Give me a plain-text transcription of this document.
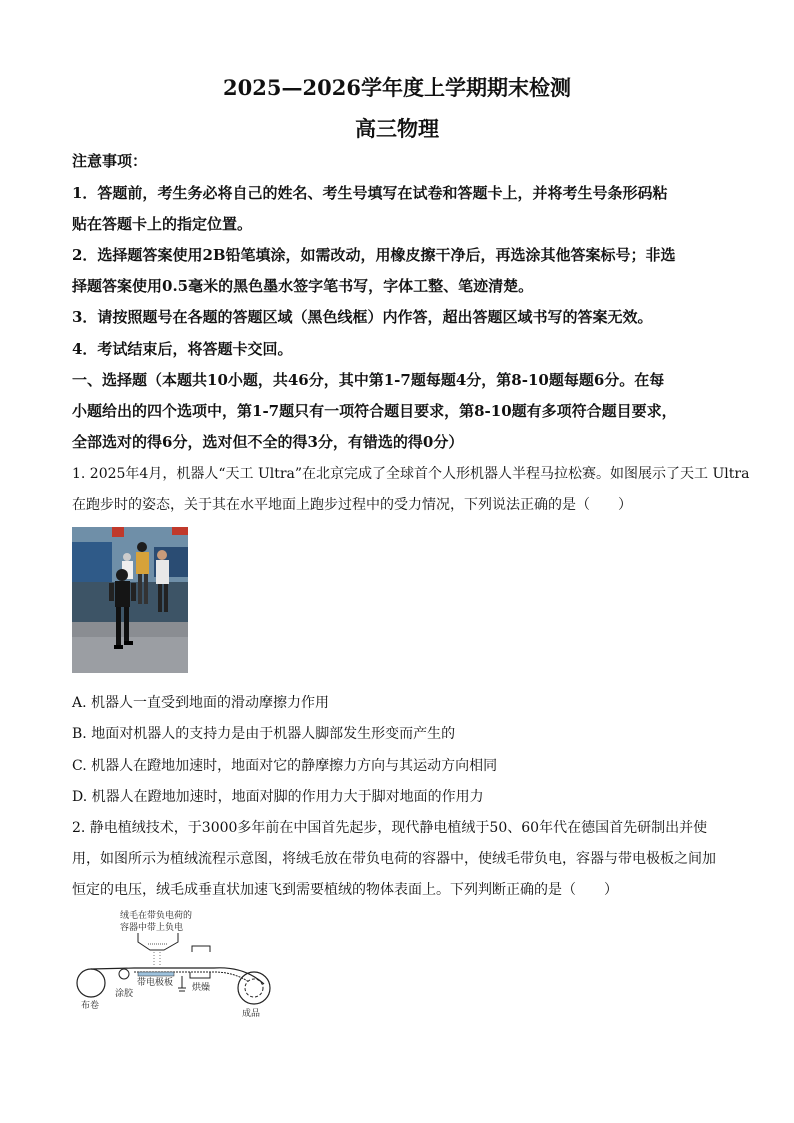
2025—2026学年度上学期期末检测
高三物理
注意事项：
1．答题前，考生务必将自己的姓名、考生号填写在试卷和答题卡上，并将考生号条形码粘
贴在答题卡上的指定位置。
2．选择题答案使用2B铅笔填涂，如需改动，用橡皮擦干净后，再选涂其他答案标号；非选
择题答案使用0.5毫米的黑色墨水签字笔书写，字体工整、笔迹清楚。
3．请按照题号在各题的答题区域（黑色线框）内作答，超出答题区域书写的答案无效。
4．考试结束后，将答题卡交回。
一、选择题（本题共10小题，共46分，其中第1-7题每题4分，第8-10题每题6分。在每
小题给出的四个选项中，第1-7题只有一项符合题目要求，第8-10题有多项符合题目要求，
全部选对的得6分，选对但不全的得3分，有错选的得0分）
1. 2025年4月，机器人“天工 Ultra”在北京完成了全球首个人形机器人半程马拉松赛。如图展示了天工 Ultra
在跑步时的姿态，关于其在水平地面上跑步过程中的受力情况，下列说法正确的是（　　）
A. 机器人一直受到地面的滑动摩擦力作用
B. 地面对机器人的支持力是由于机器人脚部发生形变而产生的
C. 机器人在蹬地加速时，地面对它的静摩擦力方向与其运动方向相同
D. 机器人在蹬地加速时，地面对脚的作用力大于脚对地面的作用力
2. 静电植绒技术，于3000多年前在中国首先起步，现代静电植绒于50、60年代在德国首先研制出并使
用，如图所示为植绒流程示意图，将绒毛放在带负电荷的容器中，使绒毛带负电，容器与带电极板之间加
恒定的电压，绒毛成垂直状加速飞到需要植绒的物体表面上。下列判断正确的是（　　）
绒毛在带负电荷的
容器中带上负电
带电极板 烘燥
布卷
涂胶
成品
